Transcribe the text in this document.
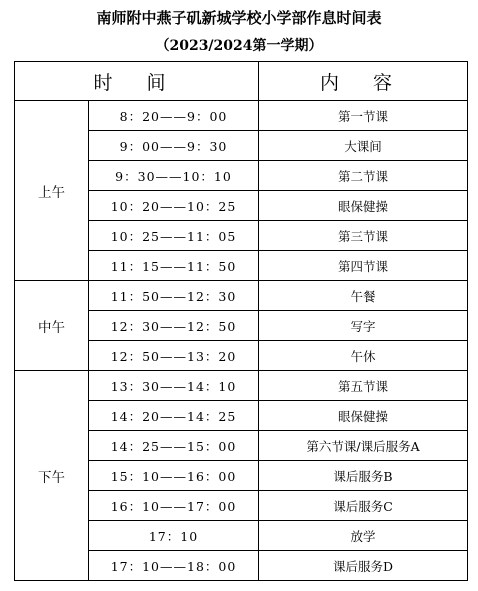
南师附中燕子矶新城学校小学部作息时间表
（2023/2024第一学期）
时 间		内 容
上午	8：20——9：00	第一节课
	9：00——9：30	大课间
	9：30——10：10	第二节课
	10：20——10：25	眼保健操
	10：25——11：05	第三节课
	11：15——11：50	第四节课
中午	11：50——12：30	午餐
	12：30——12：50	写字
	12：50——13：20	午休
下午	13：30——14：10	第五节课
	14：20——14：25	眼保健操
	14：25——15：00	第六节课/课后服务A
	15：10——16：00	课后服务B
	16：10——17：00	课后服务C
	17：10	放学
	17：10——18：00	课后服务D
